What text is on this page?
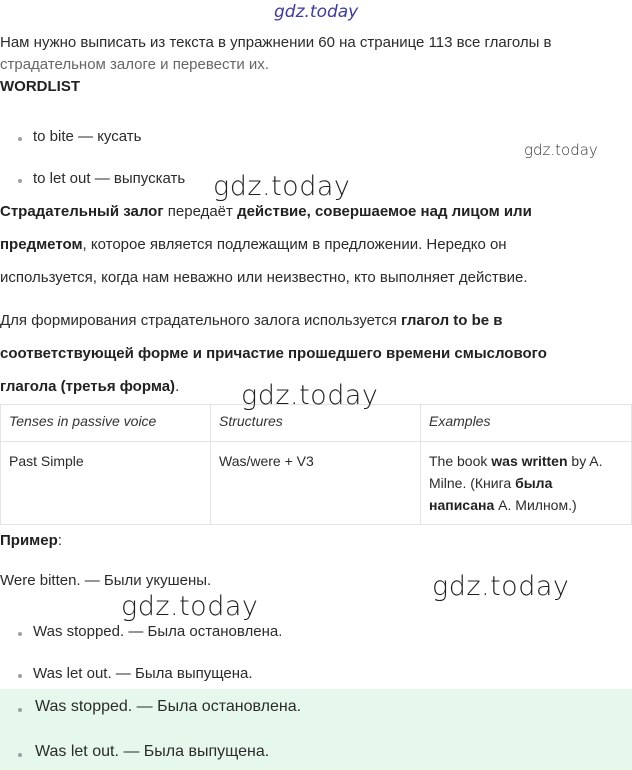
gdz.today
Нам нужно выписать из текста в упражнении 60 на странице 113 все глаголы в
страдательном залоге и перевести их.
WORDLIST
to bite — кусать
gdz.today
to let out — выпускать gdz.today
Страдательный залог передаёт действие, совершаемое над лицом или
предметом, которое является подлежащим в предложении. Нередко он
используется, когда нам неважно или неизвестно, кто выполняет действие.
Для формирования страдательного залога используется глагол to be в
соответствующей форме и причастие прошедшего времени смыслового
глагола (третья форма).
Tenses in passive voice	Structures	Examples
Past Simple	Was/were + V3	The book was written by A.
Milne. (Книга была
написана А. Милном.)
gdz.today
Пример:
Were bitten. — Были укушены.	gdz.today
gdz.today
Was stopped. — Была остановлена.
Was let out. — Была выпущена.
Was stopped. — Была остановлена.
Was let out. — Была выпущена.
